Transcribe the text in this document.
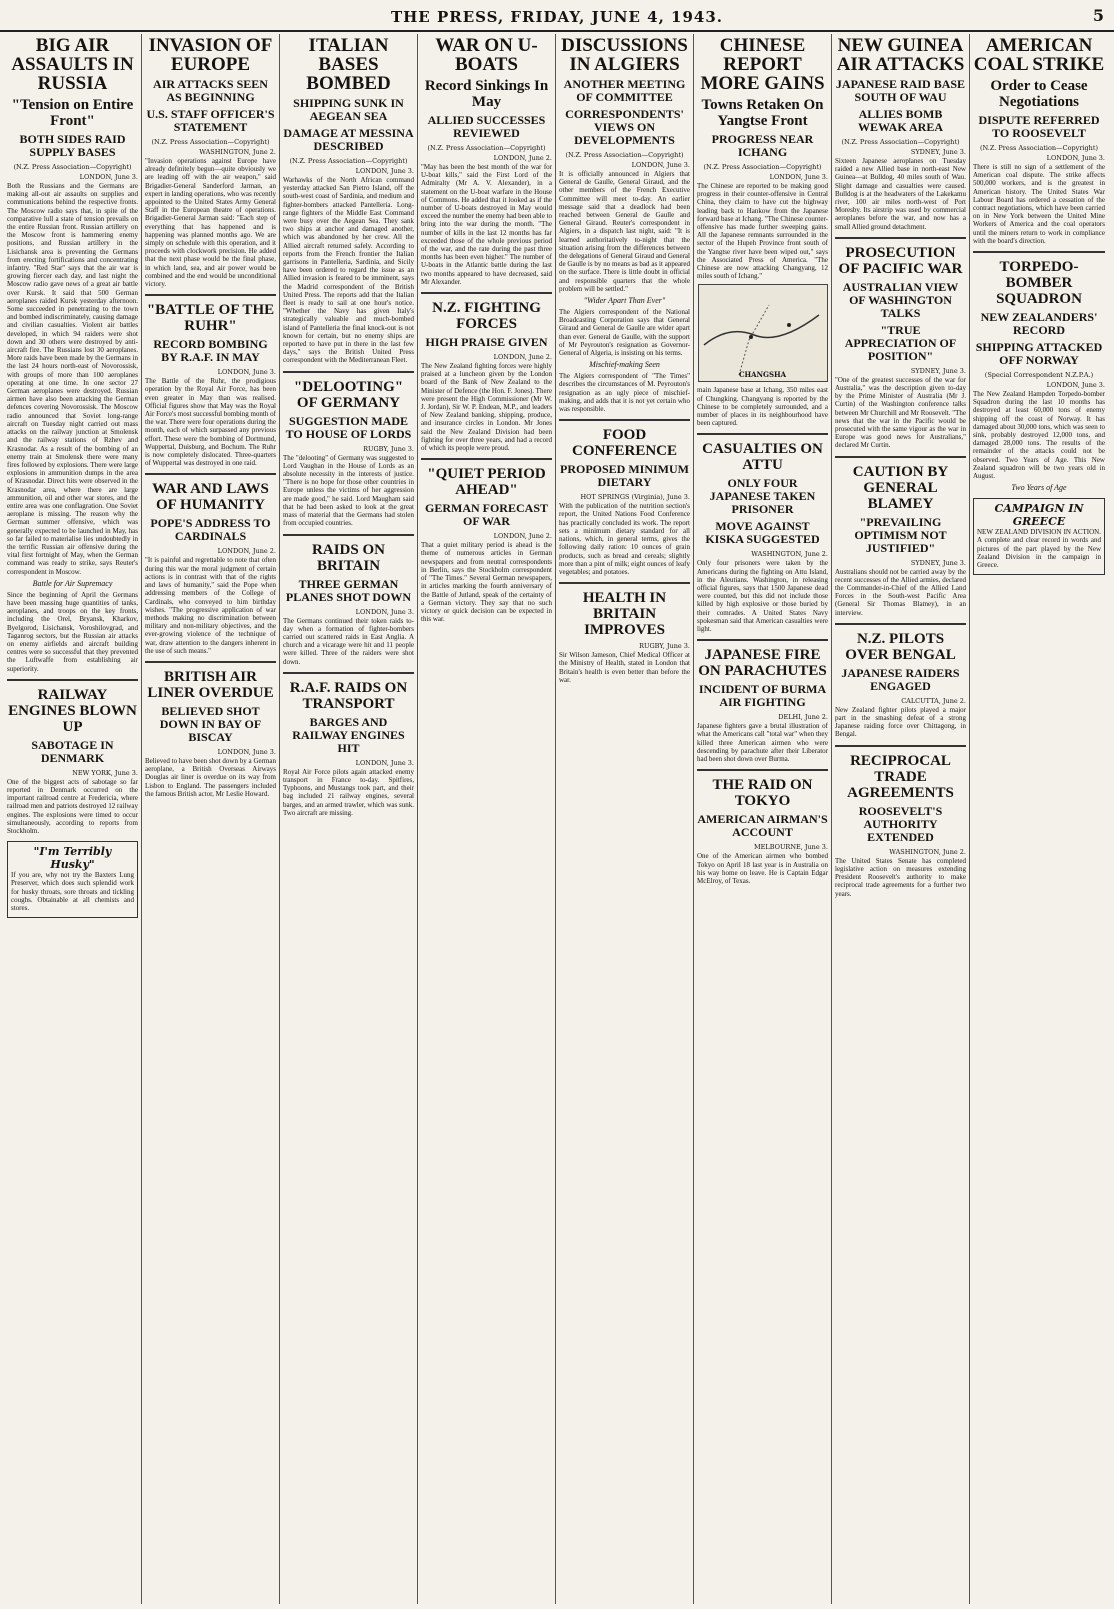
THE PRESS, FRIDAY, JUNE 4, 1943.	5
BIG AIR ASSAULTS IN RUSSIA
"Tension on Entire Front"
BOTH SIDES RAID SUPPLY BASES
(N.Z. Press Association—Copyright)
LONDON, June 3.
Both the Russians and the Germans are making all-out air assaults on supplies and communications behind the respective fronts. The Moscow radio says that, in spite of the comparative lull a state of tension prevails on the entire Russian front. Russian artillery on the Moscow front is hammering enemy positions, and Russian artillery in the Lisichansk area is preventing the Germans from erecting fortifications and concentrating infantry. "Red Star" says that the air war is growing fiercer each day, and last night the Moscow radio gave news of a great air battle over Kursk. It said that 500 German aeroplanes raided Kursk yesterday afternoon. Some succeeded in penetrating to the town and bombed indiscriminately, causing damage and civilian casualties. Violent air battles developed, in which 94 raiders were shot down and 30 others were destroyed by anti-aircraft fire. The Russians lost 30 aeroplanes. More raids have been made by the Germans in the last 24 hours north-east of Novorossisk, with groups of more than 100 aeroplanes operating at one time. In one sector 27 German aeroplanes were destroyed. Russian airmen have also been attacking the German defences covering Novorossisk. The Moscow radio announced that Soviet long-range aircraft on Tuesday night carried out mass attacks on the railway junction at Smolensk and the railway stations of Rzhev and Krasnodar. As a result of the bombing of an enemy train at Smolensk there were many fires followed by explosions. There were large explosions in ammunition dumps in the area of Krasnodar. Direct hits were observed in the Krasnodar area, where there are large ammunition, oil and other war stores, and the entire area was one conflagration. One Soviet aeroplane is missing. The reason why the German summer offensive, which was generally expected to be launched in May, has so far failed to materialise lies undoubtedly in the terrific Russian air offensive during the vital first fortnight of May, when the German command was ready to strike, says Reuter's correspondent in Moscow.
Battle for Air Supremacy
Since the beginning of April the Germans have been massing huge quantities of tanks, aeroplanes, and troops on the key fronts, including the Orel, Bryansk, Kharkov, Byelgorod, Lisichansk, Voroshilovgrad, and Taganrog sectors, but the Russian air attacks on enemy airfields and aircraft building centres were so successful that they prevented the Luftwaffe from establishing air superiority.
RAILWAY ENGINES BLOWN UP
SABOTAGE IN DENMARK
NEW YORK, June 3.
One of the biggest acts of sabotage so far reported in Denmark occurred on the important railroad centre at Fredericia, where railroad men and patriots destroyed 12 railway engines. The explosions were timed to occur simultaneously, according to reports from Stockholm.
"I'm Terribly Husky"
If you are, why not try the Baxters Lung Preserver, which does such splendid work for husky throats, sore throats and tickling coughs. Obtainable at all chemists and stores.
INVASION OF EUROPE
AIR ATTACKS SEEN AS BEGINNING
U.S. STAFF OFFICER'S STATEMENT
(N.Z. Press Association—Copyright)
WASHINGTON, June 2.
"Invasion operations against Europe have already definitely begun—quite obviously we are leading off with the air weapon," said Brigadier-General Sanderford Jarman, an expert in landing operations, who was recently appointed to the United States Army General Staff in the European theatre of operations. Brigadier-General Jarman said: "Each step of everything that has happened and is happening was planned months ago. We are simply on schedule with this operation, and it proceeds with clockwork precision. He added that the next phase would be the final phase, in which land, sea, and air power would be combined and the end would be unconditional victory.
"BATTLE OF THE RUHR"
RECORD BOMBING BY R.A.F. IN MAY
LONDON, June 3.
The Battle of the Ruhr, the prodigious operation by the Royal Air Force, has been even greater in May than was realised. Official figures show that May was the Royal Air Force's most successful bombing month of the war. There were four operations during the month, each of which surpassed any previous effort. These were the bombing of Dortmund, Wuppertal, Duisburg, and Bochum. The Ruhr is now completely dislocated. Three-quarters of Wuppertal was destroyed in one raid.
WAR AND LAWS OF HUMANITY
POPE'S ADDRESS TO CARDINALS
LONDON, June 2.
"It is painful and regrettable to note that often during this war the moral judgment of certain actions is in contrast with that of the rights and laws of humanity," said the Pope when addressing members of the College of Cardinals, who conveyed to him birthday wishes. "The progressive application of war methods making no discrimination between military and non-military objectives, and the ever-growing violence of the technique of war, draw attention to the dangers inherent in the use of such means."
BRITISH AIR LINER OVERDUE
BELIEVED SHOT DOWN IN BAY OF BISCAY
LONDON, June 3.
Believed to have been shot down by a German aeroplane, a British Overseas Airways Douglas air liner is overdue on its way from Lisbon to England. The passengers included the famous British actor, Mr Leslie Howard.
ITALIAN BASES BOMBED
SHIPPING SUNK IN AEGEAN SEA
DAMAGE AT MESSINA DESCRIBED
(N.Z. Press Association—Copyright)
LONDON, June 3.
Warhawks of the North African command yesterday attacked San Pietro Island, off the south-west coast of Sardinia, and medium and fighter-bombers attacked Pantelleria. Long-range fighters of the Middle East Command were busy over the Aegean Sea. They sank two ships at anchor and damaged another, which was abandoned by her crew. All the Allied aircraft returned safely. According to reports from the French frontier the Italian garrisons in Pantelleria, Sardinia, and Sicily have been ordered to regard the issue as an Allied invasion is feared to be imminent, says the Madrid correspondent of the British United Press. The reports add that the Italian fleet is ready to sail at one hour's notice. "Whether the Navy has given Italy's strategically valuable and much-bombed island of Pantelleria the final knock-out is not known for certain, but no enemy ships are reported to have put in there in the last few days," says the British United Press correspondent with the Mediterranean Fleet.
"DELOOTING" OF GERMANY
SUGGESTION MADE TO HOUSE OF LORDS
RUGBY, June 3.
The "delooting" of Germany was suggested to Lord Vaughan in the House of Lords as an absolute necessity in the interests of justice. "There is no hope for those other countries in Europe unless the victims of her aggression are made good," he said. Lord Maugham said that he had been asked to look at the great mass of material that the Germans had stolen from occupied countries.
RAIDS ON BRITAIN
THREE GERMAN PLANES SHOT DOWN
LONDON, June 3.
The Germans continued their token raids to-day when a formation of fighter-bombers carried out scattered raids in East Anglia. A church and a vicarage were hit and 11 people were killed. Three of the raiders were shot down.
R.A.F. RAIDS ON TRANSPORT
BARGES AND RAILWAY ENGINES HIT
LONDON, June 3.
Royal Air Force pilots again attacked enemy transport in France to-day. Spitfires, Typhoons, and Mustangs took part, and their bag included 21 railway engines, several barges, and an armed trawler, which was sunk. Two aircraft are missing.
WAR ON U-BOATS
Record Sinkings In May
ALLIED SUCCESSES REVIEWED
(N.Z. Press Association—Copyright)
LONDON, June 2.
"May has been the best month of the war for U-boat kills," said the First Lord of the Admiralty (Mr A. V. Alexander), in a statement on the U-boat warfare in the House of Commons. He added that it looked as if the number of U-boats destroyed in May would exceed the number the enemy had been able to bring into the war during the month. "The number of kills in the last 12 months has far exceeded those of the whole previous period of the war, and the rate during the past three months has been even higher." The number of U-boats in the Atlantic battle during the last two months appeared to have decreased, said Mr Alexander.
N.Z. FIGHTING FORCES
HIGH PRAISE GIVEN
LONDON, June 2.
The New Zealand fighting forces were highly praised at a luncheon given by the London board of the Bank of New Zealand to the Minister of Defence (the Hon. F. Jones). There were present the High Commissioner (Mr W. J. Jordan), Sir W. P. Endean, M.P., and leaders of New Zealand banking, shipping, produce, and insurance circles in London. Mr Jones said the New Zealand Division had been fighting for over three years, and had a record of which its people were proud.
"QUIET PERIOD AHEAD"
GERMAN FORECAST OF WAR
LONDON, June 2.
That a quiet military period is ahead is the theme of numerous articles in German newspapers and from neutral correspondents in Berlin, says the Stockholm correspondent of "The Times." Several German newspapers, in articles marking the fourth anniversary of the Battle of Jutland, speak of the certainty of a German victory. They say that no such victory or quick decision can be expected in this war.
DISCUSSIONS IN ALGIERS
ANOTHER MEETING OF COMMITTEE
CORRESPONDENTS' VIEWS ON DEVELOPMENTS
(N.Z. Press Association—Copyright)
LONDON, June 3.
It is officially announced in Algiers that General de Gaulle, General Giraud, and the other members of the French Executive Committee will meet to-day. An earlier message said that a deadlock had been reached between General de Gaulle and General Giraud. Reuter's correspondent in Algiers, in a dispatch last night, said: "It is learned authoritatively to-night that the situation arising from the differences between the delegations of General Giraud and General de Gaulle is by no means as bad as it appeared on the surface. There is little doubt in official and responsible quarters that the whole problem will be settled."
"Wider Apart Than Ever"
The Algiers correspondent of the National Broadcasting Corporation says that General Giraud and General de Gaulle are wider apart than ever. General de Gaulle, with the support of Mr Peyrouton's resignation as Governor-General of Algeria, is insisting on his terms.
Mischief-making Seen
The Algiers correspondent of "The Times" describes the circumstances of M. Peyrouton's resignation as an ugly piece of mischief-making, and adds that it is not yet certain who was responsible.
FOOD CONFERENCE
PROPOSED MINIMUM DIETARY
HOT SPRINGS (Virginia), June 3.
With the publication of the nutrition section's report, the United Nations Food Conference has practically concluded its work. The report sets a minimum dietary standard for all nations, which, in general terms, gives the following daily ration: 10 ounces of grain products, such as bread and cereals; slightly more than a pint of milk; eight ounces of leafy vegetables; and potatoes.
HEALTH IN BRITAIN IMPROVES
RUGBY, June 3.
Sir Wilson Jameson, Chief Medical Officer at the Ministry of Health, stated in London that Britain's health is even better than before the war.
CHINESE REPORT MORE GAINS
Towns Retaken On Yangtse Front
PROGRESS NEAR ICHANG
(N.Z. Press Association—Copyright)
LONDON, June 3.
The Chinese are reported to be making good progress in their counter-offensive in Central China, they claim to have cut the highway leading back to Hankow from the Japanese forward base at Ichang. "The Chinese counter-offensive has made further sweeping gains. All the Japanese remnants surrounded in the sector of the Hupeh Province front south of the Yangtse river have been wiped out," says the Associated Press of America. "The Chinese are now attacking Changyang, 12 miles south of Ichang."
CHANGSHA
main Japanese base at Ichang, 350 miles east of Chungking. Changyang is reported by the Chinese to be completely surrounded, and a number of places in its neighbourhood have been captured.
CASUALTIES ON ATTU
ONLY FOUR JAPANESE TAKEN PRISONER
MOVE AGAINST KISKA SUGGESTED
WASHINGTON, June 2.
Only four prisoners were taken by the Americans during the fighting on Attu Island, in the Aleutians. Washington, in releasing official figures, says that 1500 Japanese dead were counted, but this did not include those killed by high explosive or those buried by their comrades. A United States Navy spokesman said that American casualties were light.
JAPANESE FIRE ON PARACHUTES
INCIDENT OF BURMA AIR FIGHTING
DELHI, June 2.
Japanese fighters gave a brutal illustration of what the Americans call "total war" when they killed three American airmen who were descending by parachute after their Liberator had been shot down over Burma.
THE RAID ON TOKYO
AMERICAN AIRMAN'S ACCOUNT
MELBOURNE, June 3.
One of the American airmen who bombed Tokyo on April 18 last year is in Australia on his way home on leave. He is Captain Edgar McElroy, of Texas.
NEW GUINEA AIR ATTACKS
JAPANESE RAID BASE SOUTH OF WAU
ALLIES BOMB WEWAK AREA
(N.Z. Press Association—Copyright)
SYDNEY, June 3.
Sixteen Japanese aeroplanes on Tuesday raided a new Allied base in north-east New Guinea—at Bulldog, 40 miles south of Wau. Slight damage and casualties were caused. Bulldog is at the headwaters of the Lakekamu river, 100 air miles north-west of Port Moresby. Its airstrip was used by commercial aeroplanes before the war, and now has a small Allied ground detachment.
PROSECUTION OF PACIFIC WAR
AUSTRALIAN VIEW OF WASHINGTON TALKS
"TRUE APPRECIATION OF POSITION"
SYDNEY, June 3.
"One of the greatest successes of the war for Australia," was the description given to-day by the Prime Minister of Australia (Mr J. Curtin) of the Washington conference talks between Mr Churchill and Mr Roosevelt. "The news that the war in the Pacific would be prosecuted with the same vigour as the war in Europe was good news for Australians," declared Mr Curtin.
CAUTION BY GENERAL BLAMEY
"PREVAILING OPTIMISM NOT JUSTIFIED"
SYDNEY, June 3.
Australians should not be carried away by the recent successes of the Allied armies, declared the Commander-in-Chief of the Allied Land Forces in the South-west Pacific Area (General Sir Thomas Blamey), in an interview.
N.Z. PILOTS OVER BENGAL
JAPANESE RAIDERS ENGAGED
CALCUTTA, June 2.
New Zealand fighter pilots played a major part in the smashing defeat of a strong Japanese raiding force over Chittagong, in Bengal.
RECIPROCAL TRADE AGREEMENTS
ROOSEVELT'S AUTHORITY EXTENDED
WASHINGTON, June 2.
The United States Senate has completed legislative action on measures extending President Roosevelt's authority to make reciprocal trade agreements for a further two years.
AMERICAN COAL STRIKE
Order to Cease Negotiations
DISPUTE REFERRED TO ROOSEVELT
(N.Z. Press Association—Copyright)
LONDON, June 3.
There is still no sign of a settlement of the American coal dispute. The strike affects 500,000 workers, and is the greatest in American history. The United States War Labour Board has ordered a cessation of the contract negotiations, which have been carried on in New York between the United Mine Workers of America and the coal operators until the miners return to work in compliance with the board's direction.
TORPEDO-BOMBER SQUADRON
NEW ZEALANDERS' RECORD
SHIPPING ATTACKED OFF NORWAY
(Special Correspondent N.Z.P.A.)
LONDON, June 3.
The New Zealand Hampden Torpedo-bomber Squadron during the last 10 months has destroyed at least 60,000 tons of enemy shipping off the coast of Norway. It has damaged about 30,000 tons, which was seen to sink, probably destroyed 12,000 tons, and damaged 28,000 tons. The results of the remainder of the attacks could not be observed. Two Years of Age. This New Zealand squadron will be two years old in August.
Two Years of Age
CAMPAIGN IN GREECE
NEW ZEALAND DIVISION IN ACTION. A complete and clear record in words and pictures of the part played by the New Zealand Division in the campaign in Greece.
